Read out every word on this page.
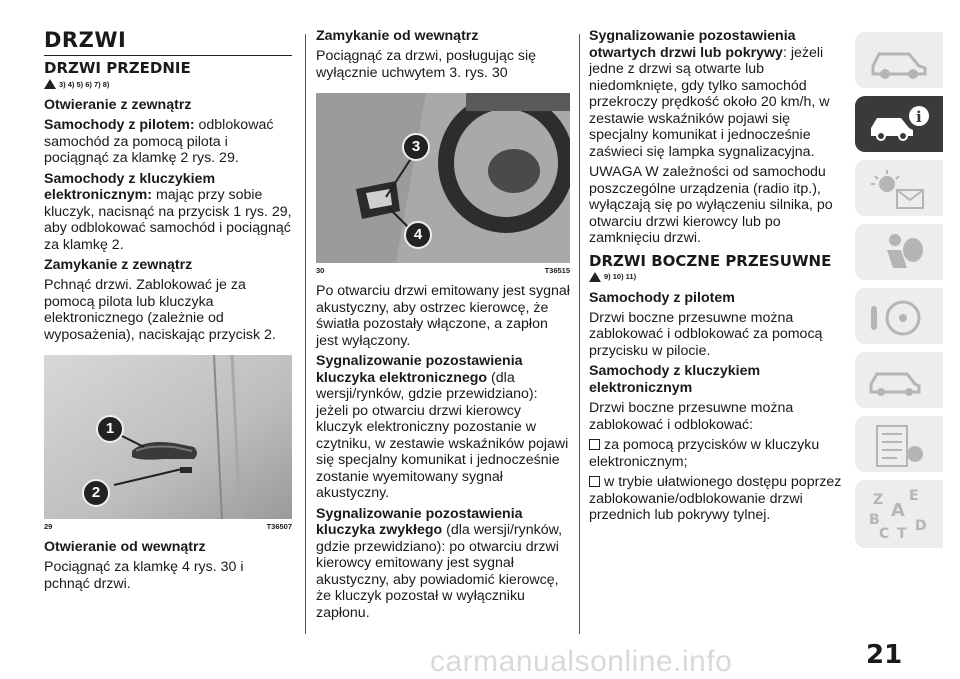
DRZWI
DRZWI PRZEDNIE
3) 4) 5) 6) 7) 8)
Otwieranie z zewnątrz

Samochody z pilotem: odblokować samochód za pomocą pilota i pociągnąć za klamkę 2 rys. 29.

Samochody z kluczykiem elektronicznym: mając przy sobie kluczyk, nacisnąć na przycisk 1 rys. 29, aby odblokować samochód i pociągnąć za klamkę 2.

Zamykanie z zewnątrz

Pchnąć drzwi. Zablokować je za pomocą pilota lub kluczyka elektronicznego (zależnie od wyposażenia), naciskając przycisk 2.

1
2
29	T36507
Otwieranie od wewnątrz

Pociągnąć za klamkę 4 rys. 30 i pchnąć drzwi.

Zamykanie od wewnątrz

Pociągnąć za drzwi, posługując się wyłącznie uchwytem 3. rys. 30

3
4
30	T36515

Po otwarciu drzwi emitowany jest sygnał akustyczny, aby ostrzec kierowcę, że światła pozostały włączone, a zapłon jest wyłączony.

Sygnalizowanie pozostawienia kluczyka elektronicznego (dla wersji/rynków, gdzie przewidziano): jeżeli po otwarciu drzwi kierowcy kluczyk elektroniczny pozostanie w czytniku, w zestawie wskaźników pojawi się specjalny komunikat i jednocześnie zostanie wyemitowany sygnał akustyczny.

Sygnalizowanie pozostawienia kluczyka zwykłego (dla wersji/rynków, gdzie przewidziano): po otwarciu drzwi kierowcy emitowany jest sygnał akustyczny, aby powiadomić kierowcę, że kluczyk pozostał w wyłączniku zapłonu.

Sygnalizowanie pozostawienia otwartych drzwi lub pokrywy: jeżeli jedne z drzwi są otwarte lub niedomknięte, gdy tylko samochód przekroczy prędkość około 20 km/h, w zestawie wskaźników pojawi się specjalny komunikat i jednocześnie zaświeci się lampka sygnalizacyjna.

UWAGA W zależności od samochodu poszczególne urządzenia (radio itp.), wyłączają się po wyłączeniu silnika, po otwarciu drzwi kierowcy lub po zamknięciu drzwi.

DRZWI BOCZNE PRZESUWNE
9) 10) 11)
Samochody z pilotem

Drzwi boczne przesuwne można zablokować i odblokować za pomocą przycisku w pilocie.

Samochody z kluczykiem elektronicznym

Drzwi boczne przesuwne można zablokować i odblokować:

za pomocą przycisków w kluczyku elektronicznym;

w trybie ułatwionego dostępu poprzez zablokowanie/odblokowanie drzwi przednich lub pokrywy tylnej.

i
Z E
A
B
C T D
carmanualsonline.info	21
